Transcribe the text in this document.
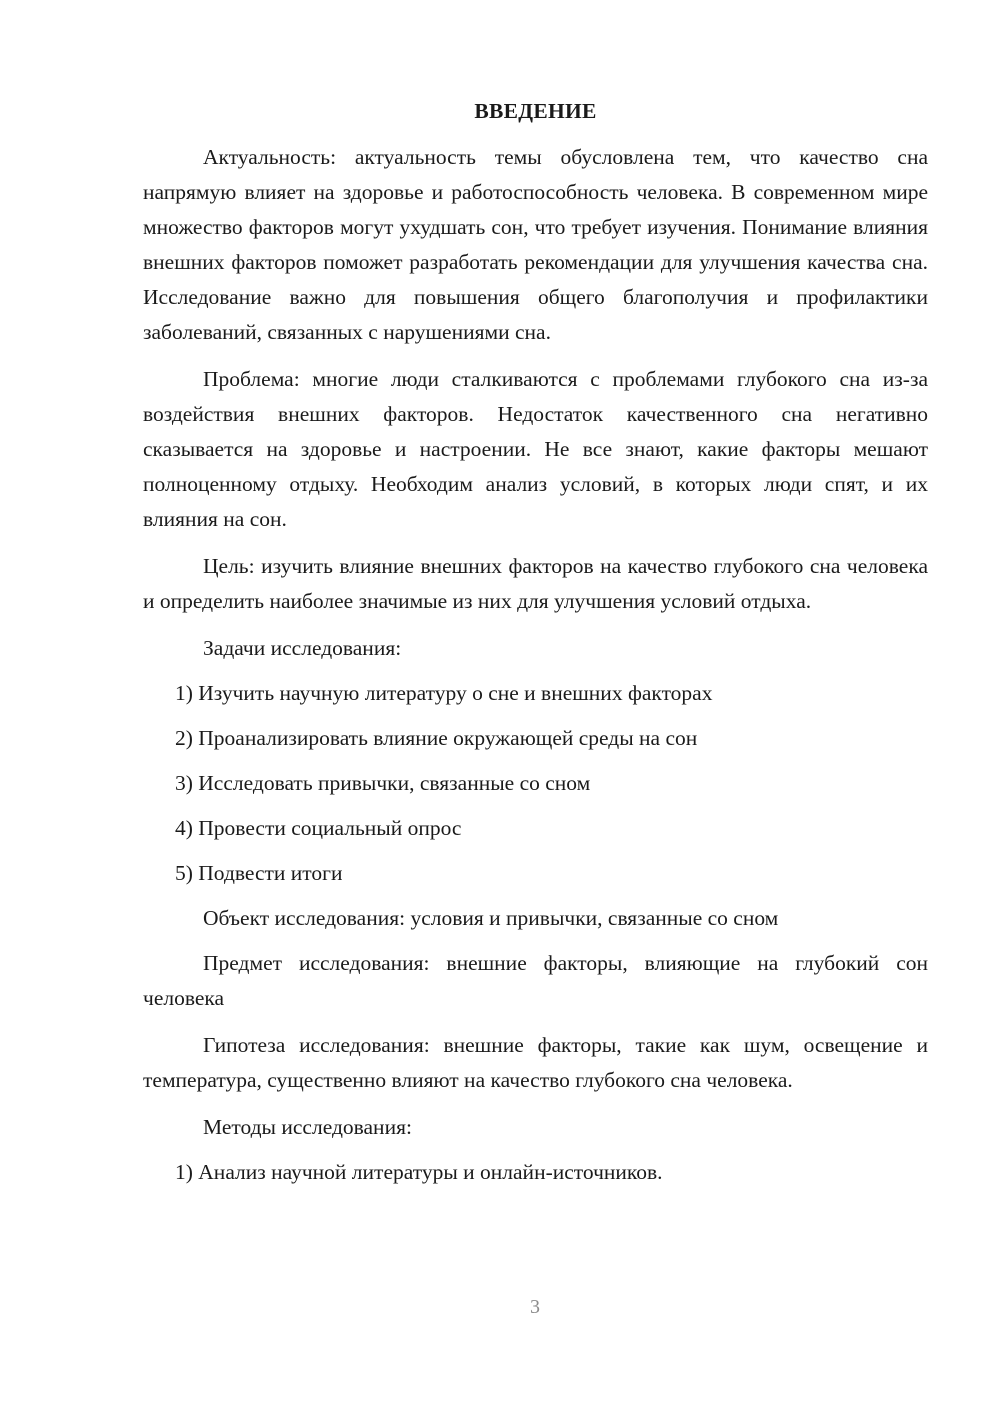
ВВЕДЕНИЕ

Актуальность: актуальность темы обусловлена тем, что качество сна напрямую влияет на здоровье и работоспособность человека. В современном мире множество факторов могут ухудшать сон, что требует изучения. Понимание влияния внешних факторов поможет разработать рекомендации для улучшения качества сна. Исследование важно для повышения общего благополучия и профилактики заболеваний, связанных с нарушениями сна.

Проблема: многие люди сталкиваются с проблемами глубокого сна из-за воздействия внешних факторов. Недостаток качественного сна негативно сказывается на здоровье и настроении. Не все знают, какие факторы мешают полноценному отдыху. Необходим анализ условий, в которых люди спят, и их влияния на сон.

Цель: изучить влияние внешних факторов на качество глубокого сна человека и определить наиболее значимые из них для улучшения условий отдыха.

Задачи исследования:

1) Изучить научную литературу о сне и внешних факторах

2) Проанализировать влияние окружающей среды на сон

3) Исследовать привычки, связанные со сном

4) Провести социальный опрос

5) Подвести итоги

Объект исследования: условия и привычки, связанные со сном

Предмет исследования: внешние факторы, влияющие на глубокий сон человека

Гипотеза исследования: внешние факторы, такие как шум, освещение и температура, существенно влияют на качество глубокого сна человека.

Методы исследования:

1) Анализ научной литературы и онлайн-источников.

3
